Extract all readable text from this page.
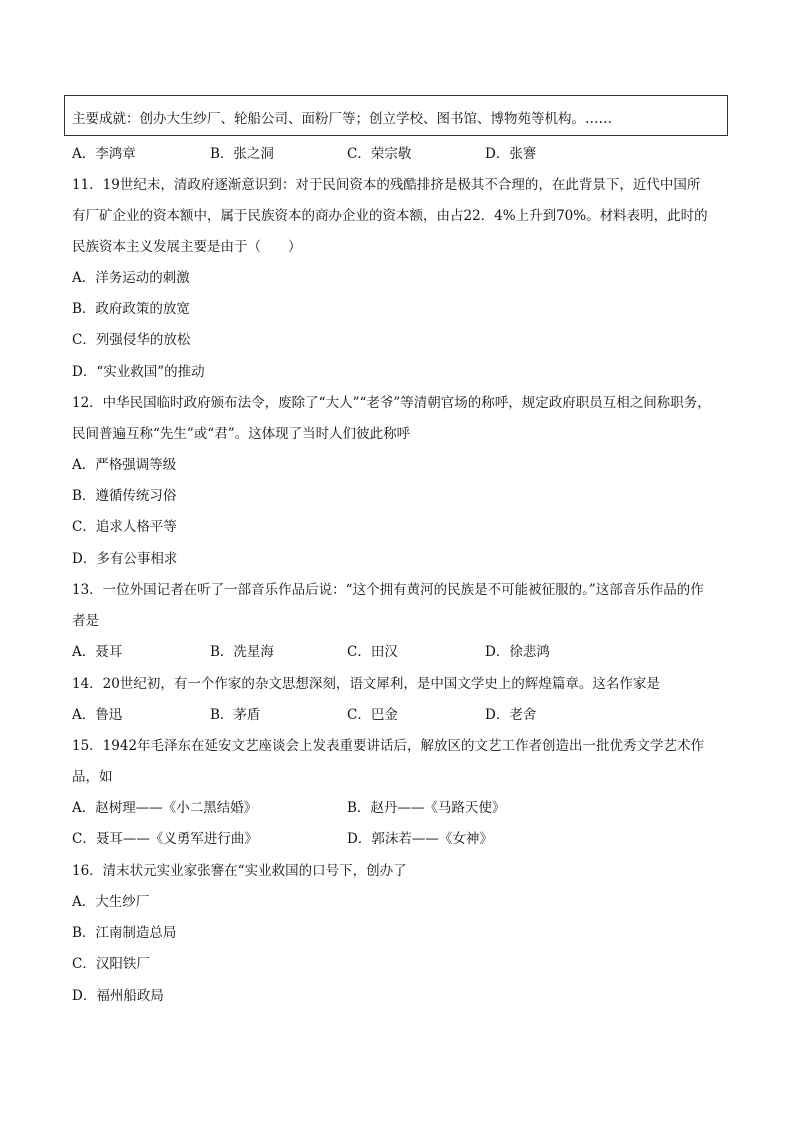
主要成就：创办大生纱厂、轮船公司、面粉厂等；创立学校、图书馆、博物苑等机构。……
A．李鸿章	B．张之洞	C．荣宗敬	D．张謇
11．19世纪末，清政府逐渐意识到：对于民间资本的残酷排挤是极其不合理的，在此背景下，近代中国所
有厂矿企业的资本额中，属于民族资本的商办企业的资本额，由占22．4%上升到70%。材料表明，此时的
民族资本主义发展主要是由于（　　）
A．洋务运动的刺激
B．政府政策的放宽
C．列强侵华的放松
D．“实业救国”的推动
12．中华民国临时政府颁布法令，废除了“大人”“老爷”等清朝官场的称呼，规定政府职员互相之间称职务，
民间普遍互称“先生”或“君”。这体现了当时人们彼此称呼
A．严格强调等级
B．遵循传统习俗
C．追求人格平等
D．多有公事相求
13．一位外国记者在听了一部音乐作品后说：“这个拥有黄河的民族是不可能被征服的。”这部音乐作品的作
者是
A．聂耳	B．冼星海	C．田汉	D．徐悲鸿
14．20世纪初，有一个作家的杂文思想深刻，语文犀利，是中国文学史上的辉煌篇章。这名作家是
A．鲁迅	B．茅盾	C．巴金	D．老舍
15．1942年毛泽东在延安文艺座谈会上发表重要讲话后，解放区的文艺工作者创造出一批优秀文学艺术作
品，如
A．赵树理——《小二黑结婚》	B．赵丹——《马路天使》
C．聂耳——《义勇军进行曲》	D．郭沫若——《女神》
16．清末状元实业家张謇在“实业救国的口号下，创办了
A．大生纱厂
B．江南制造总局
C．汉阳铁厂
D．福州船政局
